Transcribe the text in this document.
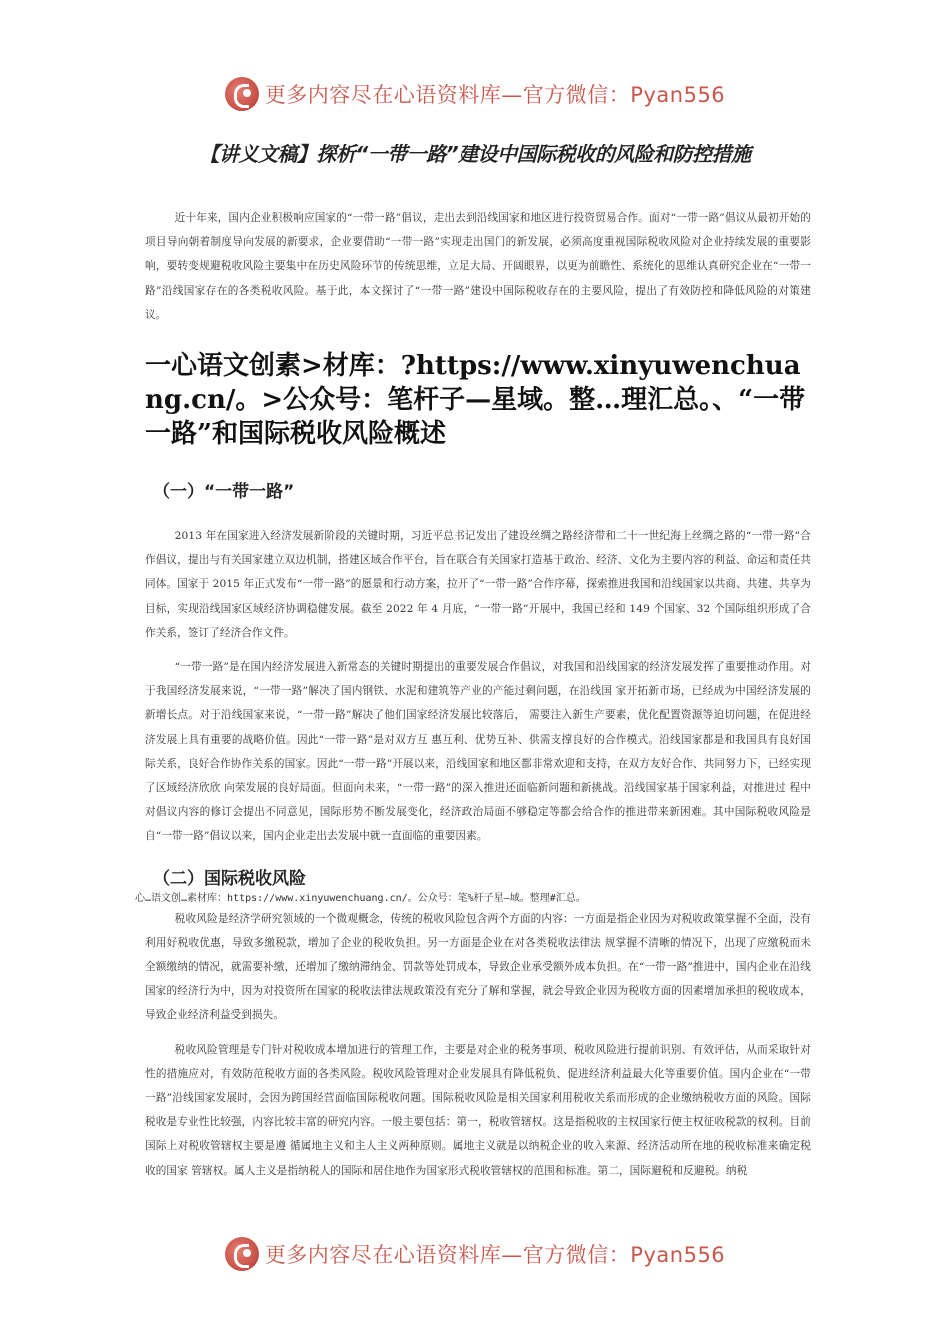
更多内容尽在心语资料库—官方微信：Pyan556
【讲义文稿】探析“一带一路”建设中国际税收的风险和防控措施

近十年来，国内企业积极响应国家的“一带一路”倡议，走出去到沿线国家和地区进行投资贸易合作。面对“一带一路”倡议从最初开始的项目导向朝着制度导向发展的新要求，企业要借助“一带一路”实现走出国门的新发展，必须高度重视国际税收风险对企业持续发展的重要影响，要转变规避税收风险主要集中在历史风险环节的传统思维，立足大局、开阔眼界，以更为前瞻性、系统化的思维认真研究企业在“一带一路”沿线国家存在的各类税收风险。基于此，本文探讨了“一带一路”建设中国际税收存在的主要风险，提出了有效防控和降低风险的对策建议。

一心语文创素>材库：?https://www.xinyuwenchuang.cn/。>公众号：笔杆子—星域。整…理汇总。、“一带一路”和国际税收风险概述
（一）“一带一路”

2013 年在国家进入经济发展新阶段的关键时期，习近平总书记发出了建设丝绸之路经济带和二十一世纪海上丝绸之路的“一带一路”合作倡议，提出与有关国家建立双边机制，搭建区域合作平台，旨在联合有关国家打造基于政治、经济、文化为主要内容的利益、命运和责任共同体。国家于 2015 年正式发布“一带一路”的愿景和行动方案，拉开了“一带一路”合作序幕，探索推进我国和沿线国家以共商、共建、共享为目标，实现沿线国家区域经济协调稳健发展。截至 2022 年 4 月底，“一带一路”开展中，我国已经和 149 个国家、32 个国际组织形成了合作关系，签订了经济合作文件。

“一带一路”是在国内经济发展进入新常态的关键时期提出的重要发展合作倡议，对我国和沿线国家的经济发展发挥了重要推动作用。对于我国经济发展来说，“一带一路”解决了国内钢铁、水泥和建筑等产业的产能过剩问题，在沿线国 家开拓新市场，已经成为中国经济发展的新增长点。对于沿线国家来说，“一带一路”解决了他们国家经济发展比较落后， 需要注入新生产要素，优化配置资源等迫切问题，在促进经济发展上具有重要的战略价值。因此“一带一路”是对双方互 惠互利、优势互补、供需支撑良好的合作模式。沿线国家都是和我国具有良好国际关系，良好合作协作关系的国家。因此“一带一路”开展以来，沿线国家和地区都非常欢迎和支持，在双方友好合作、共同努力下，已经实现了区域经济欣欣 向荣发展的良好局面。但面向未来，“一带一路”的深入推进还面临新问题和新挑战。沿线国家基于国家利益，对推进过 程中对倡议内容的修订会提出不同意见，国际形势不断发展变化，经济政治局面不够稳定等都会给合作的推进带来新困难。其中国际税收风险是自“一带一路”倡议以来，国内企业走出去发展中就一直面临的重要因素。

（二）国际税收风险
心…语文创…素材库：https://www.xinyuwenchuang.cn/。公众号：笔%杆子星—域。整理#汇总。

税收风险是经济学研究领域的一个微观概念，传统的税收风险包含两个方面的内容：一方面是指企业因为对税收政策掌握不全面，没有利用好税收优惠，导致多缴税款，增加了企业的税收负担。另一方面是企业在对各类税收法律法 规掌握不清晰的情况下，出现了应缴税而未全额缴纳的情况，就需要补缴，还增加了缴纳滞纳金、罚款等处罚成本，导致企业承受额外成本负担。在“一带一路”推进中，国内企业在沿线国家的经济行为中，因为对投资所在国家的税收法律法规政策没有充分了解和掌握，就会导致企业因为税收方面的因素增加承担的税收成本，导致企业经济利益受到损失。

税收风险管理是专门针对税收成本增加进行的管理工作，主要是对企业的税务事项、税收风险进行提前识别、有效评估，从而采取针对性的措施应对，有效防范税收方面的各类风险。税收风险管理对企业发展具有降低税负、促进经济利益最大化等重要价值。国内企业在“一带一路”沿线国家发展时，会因为跨国经营面临国际税收问题。国际税收风险是相关国家利用税收关系而形成的企业缴纳税收方面的风险。国际税收是专业性比较强，内容比较丰富的研究内容。一般主要包括：第一，税收管辖权。这是指税收的主权国家行使主权征收税款的权利。目前国际上对税收管辖权主要是遵 循属地主义和主人主义两种原则。属地主义就是以纳税企业的收入来源、经济活动所在地的税收标准来确定税收的国家 管辖权。属人主义是指纳税人的国际和居住地作为国家形式税收管辖权的范围和标准。第二，国际避税和反避税。纳税

更多内容尽在心语资料库—官方微信：Pyan556
